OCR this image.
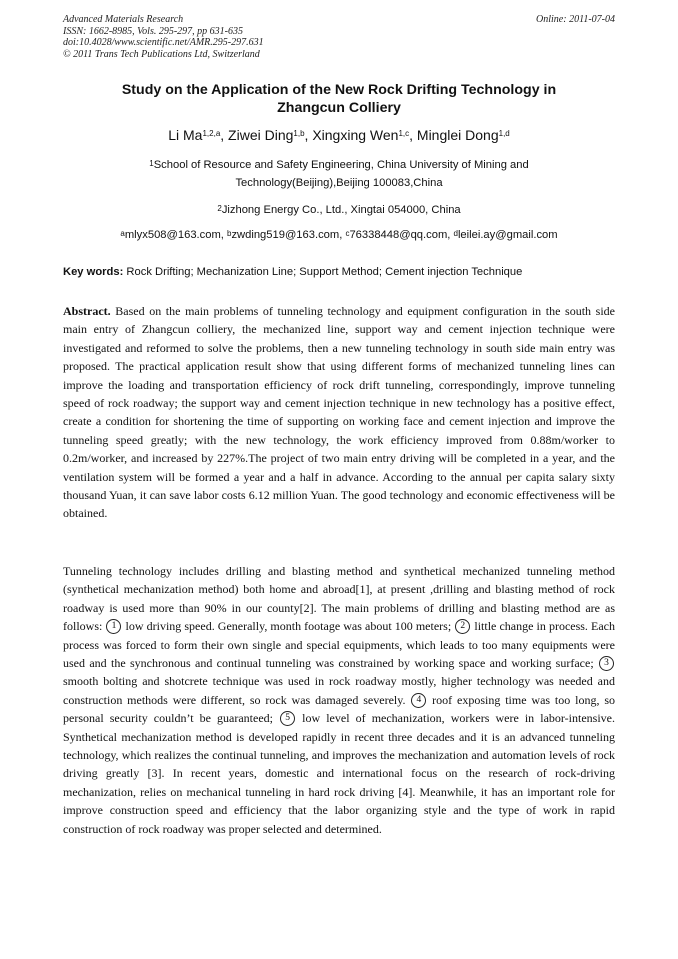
Advanced Materials Research
ISSN: 1662-8985, Vols. 295-297, pp 631-635
doi:10.4028/www.scientific.net/AMR.295-297.631
© 2011 Trans Tech Publications Ltd, Switzerland
Online: 2011-07-04
Study on the Application of the New Rock Drifting Technology in
Zhangcun Colliery
Li Ma$^{1,2,a}$, Ziwei Ding$^{1,b}$, Xingxing Wen$^{1,c}$, Minglei Dong$^{1,d}$
$^1$School of Resource and Safety Engineering, China University of Mining and
Technology(Beijing),Beijing 100083,China
$^2$Jizhong Energy Co., Ltd., Xingtai 054000, China
$^a$mlyx508@163.com, $^b$zwding519@163.com, $^c$76338448@qq.com, $^d$leilei.ay@gmail.com
Key words: Rock Drifting; Mechanization Line; Support Method; Cement injection Technique
Abstract. Based on the main problems of tunneling technology and equipment configuration in the south side main entry of Zhangcun colliery, the mechanized line, support way and cement injection technique were investigated and reformed to solve the problems, then a new tunneling technology in south side main entry was proposed. The practical application result show that using different forms of mechanized tunneling lines can improve the loading and transportation efficiency of rock drift tunneling, correspondingly, improve tunneling speed of rock roadway; the support way and cement injection technique in new technology has a positive effect, create a condition for shortening the time of supporting on working face and cement injection and improve the tunneling speed greatly; with the new technology, the work efficiency improved from 0.88m/worker to 0.2m/worker, and increased by 227%.The project of two main entry driving will be completed in a year, and the ventilation system will be formed a year and a half in advance. According to the annual per capita salary sixty thousand Yuan, it can save labor costs 6.12 million Yuan. The good technology and economic effectiveness will be obtained.
Tunneling technology includes drilling and blasting method and synthetical mechanized tunneling method (synthetical mechanization method) both home and abroad[1], at present ,drilling and blasting method of rock roadway is used more than 90% in our county[2]. The main problems of drilling and blasting method are as follows: 1 low driving speed. Generally, month footage was about 100 meters; 2 little change in process. Each process was forced to form their own single and special equipments, which leads to too many equipments were used and the synchronous and continual tunneling was constrained by working space and working surface; 3 smooth bolting and shotcrete technique was used in rock roadway mostly, higher technology was needed and construction methods were different, so rock was damaged severely. 4 roof exposing time was too long, so personal security couldn’t be guaranteed; 5 low level of mechanization, workers were in labor-intensive. Synthetical mechanization method is developed rapidly in recent three decades and it is an advanced tunneling technology, which realizes the continual tunneling, and improves the mechanization and automation levels of rock driving greatly [3]. In recent years, domestic and international focus on the research of rock-driving mechanization, relies on mechanical tunneling in hard rock driving [4]. Meanwhile, it has an important role for improve construction speed and efficiency that the labor organizing style and the type of work in rapid construction of rock roadway was proper selected and determined.
